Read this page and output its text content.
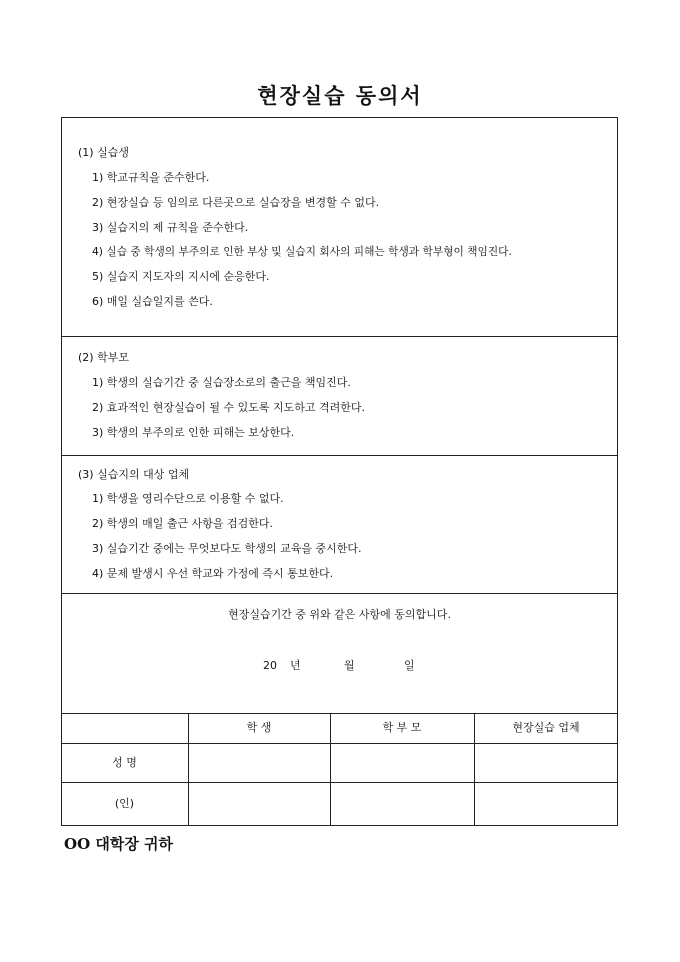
현장실습 동의서
(1) 실습생
1) 학교규칙을 준수한다.
2) 현장실습 등 임의로 다른곳으로 실습장을 변경할 수 없다.
3) 실습지의 제 규칙을 준수한다.
4) 실습 중 학생의 부주의로 인한 부상 및 실습지 회사의 피해는 학생과 학부형이 책임진다.
5) 실습지 지도자의 지시에 순응한다.
6) 매일 실습일지를 쓴다.
(2) 학부모
1) 학생의 실습기간 중 실습장소로의 출근을 책임진다.
2) 효과적인 현장실습이 될 수 있도록 지도하고 격려한다.
3) 학생의 부주의로 인한 피해는 보상한다.
(3) 실습지의 대상 업체
1) 학생을 영리수단으로 이용할 수 없다.
2) 학생의 매일 출근 사항을 검검한다.
3) 실습기간 중에는 무엇보다도 학생의 교육을 중시한다.
4) 문제 발생시 우선 학교와 가정에 즉시 통보한다.
현장실습기간 중 위와 같은 사항에 동의합니다.
20 년	월	일
학 생	학 부 모	현장실습 업체
성 명
(인)
OO 대학장 귀하
